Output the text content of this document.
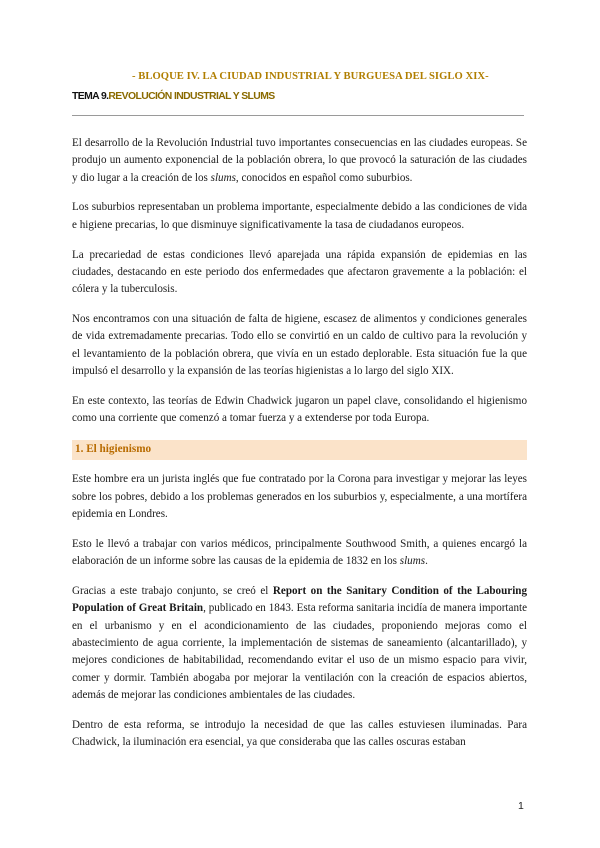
- BLOQUE IV. LA CIUDAD INDUSTRIAL Y BURGUESA DEL SIGLO XIX-
TEMA 9.REVOLUCIÓN INDUSTRIAL Y SLUMS

El desarrollo de la Revolución Industrial tuvo importantes consecuencias en las ciudades europeas. Se produjo un aumento exponencial de la población obrera, lo que provocó la saturación de las ciudades y dio lugar a la creación de los slums, conocidos en español como suburbios.

Los suburbios representaban un problema importante, especialmente debido a las condiciones de vida e higiene precarias, lo que disminuye significativamente la tasa de ciudadanos europeos.

La precariedad de estas condiciones llevó aparejada una rápida expansión de epidemias en las ciudades, destacando en este periodo dos enfermedades que afectaron gravemente a la población: el cólera y la tuberculosis.

Nos encontramos con una situación de falta de higiene, escasez de alimentos y condiciones generales de vida extremadamente precarias. Todo ello se convirtió en un caldo de cultivo para la revolución y el levantamiento de la población obrera, que vivía en un estado deplorable. Esta situación fue la que impulsó el desarrollo y la expansión de las teorías higienistas a lo largo del siglo XIX.

En este contexto, las teorías de Edwin Chadwick jugaron un papel clave, consolidando el higienismo como una corriente que comenzó a tomar fuerza y a extenderse por toda Europa.

1. El higienismo

Este hombre era un jurista inglés que fue contratado por la Corona para investigar y mejorar las leyes sobre los pobres, debido a los problemas generados en los suburbios y, especialmente, a una mortífera epidemia en Londres.

Esto le llevó a trabajar con varios médicos, principalmente Southwood Smith, a quienes encargó la elaboración de un informe sobre las causas de la epidemia de 1832 en los slums.

Gracias a este trabajo conjunto, se creó el Report on the Sanitary Condition of the Labouring Population of Great Britain, publicado en 1843. Esta reforma sanitaria incidía de manera importante en el urbanismo y en el acondicionamiento de las ciudades, proponiendo mejoras como el abastecimiento de agua corriente, la implementación de sistemas de saneamiento (alcantarillado), y mejores condiciones de habitabilidad, recomendando evitar el uso de un mismo espacio para vivir, comer y dormir. También abogaba por mejorar la ventilación con la creación de espacios abiertos, además de mejorar las condiciones ambientales de las ciudades.

Dentro de esta reforma, se introdujo la necesidad de que las calles estuviesen iluminadas. Para Chadwick, la iluminación era esencial, ya que consideraba que las calles oscuras estaban

1
